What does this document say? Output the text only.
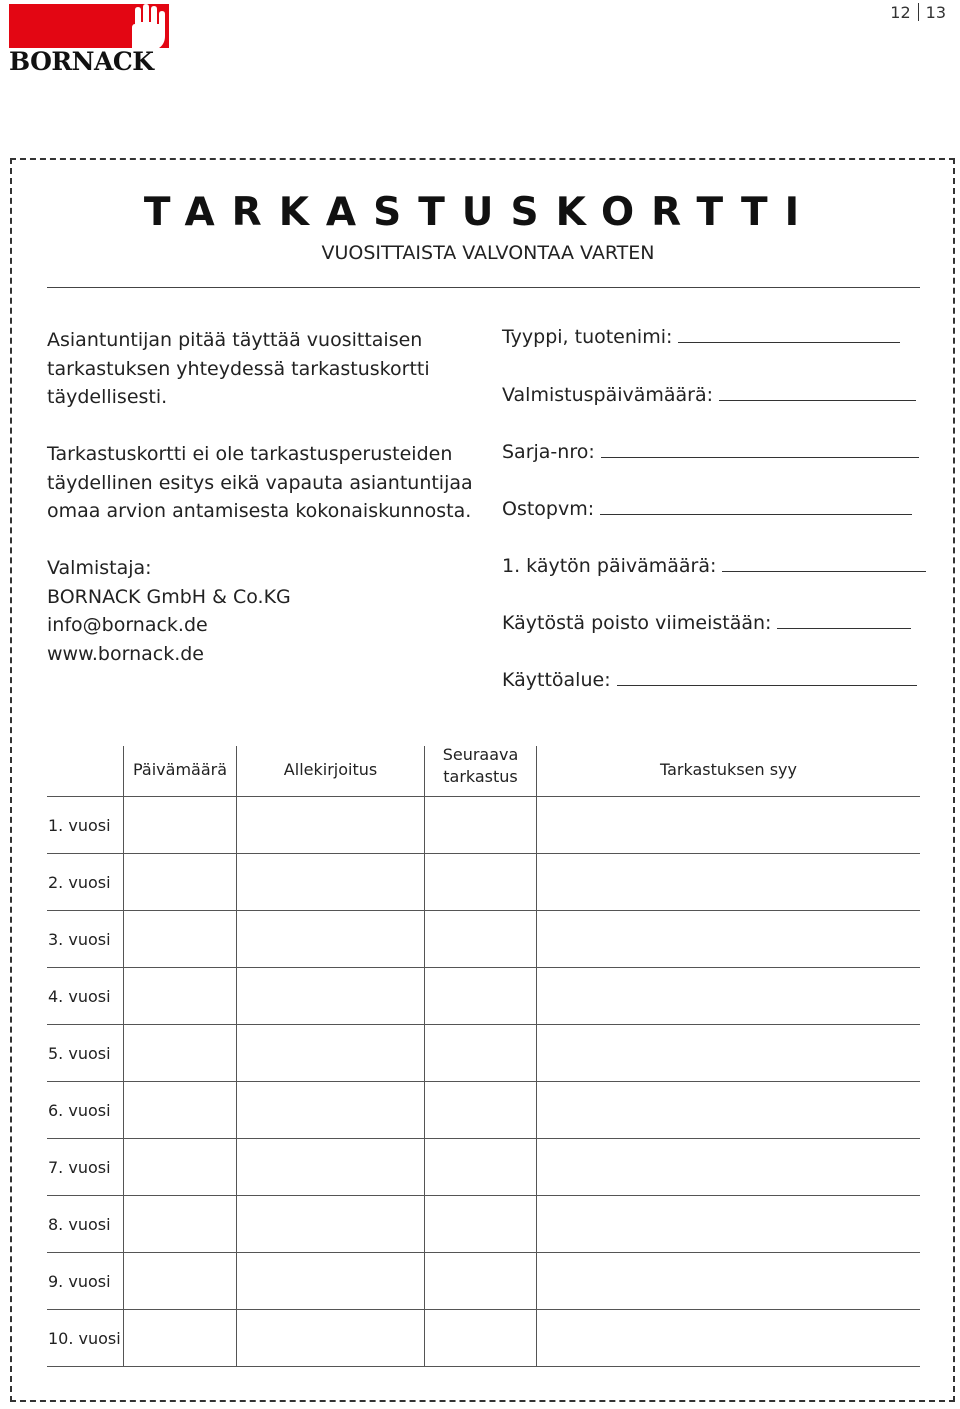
BORNACK
12 13
TARKASTUSKORTTI
VUOSITTAISTA VALVONTAA VARTEN

Asiantuntijan pitää täyttää vuosittaisen tarkastuksen yhteydessä tarkastuskortti täydellisesti.

Tarkastuskortti ei ole tarkastusperusteiden täydellinen esitys eikä vapauta asiantuntijaa omaa arvion antamisesta kokonaiskunnosta.

Valmistaja:
BORNACK GmbH & Co.KG
info@bornack.de
www.bornack.de
Tyyppi, tuotenimi:
Valmistuspäivämäärä:
Sarja-nro:
Ostopvm:
1. käytön päivämäärä:
Käytöstä poisto viimeistään:
Käyttöalue:
Päivämäärä	Allekirjoitus
Seuraava
tarkastus	Tarkastuksen syy
1. vuosi
2. vuosi
3. vuosi
4. vuosi
5. vuosi
6. vuosi
7. vuosi
8. vuosi
9. vuosi
10. vuosi
